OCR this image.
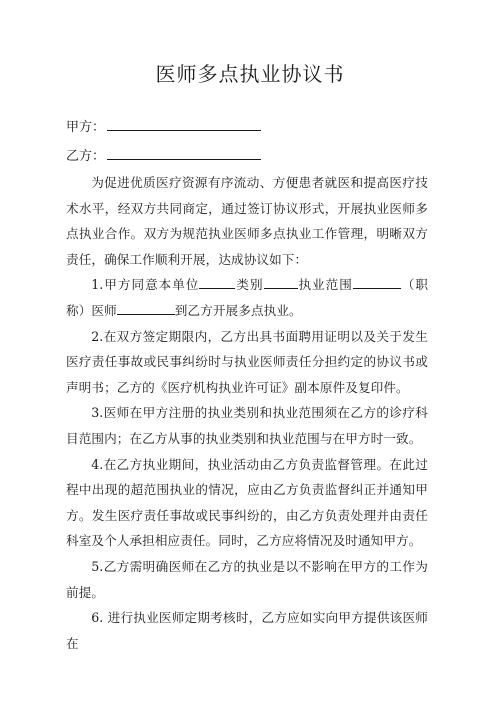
医师多点执业协议书
甲方：
乙方：

为促进优质医疗资源有序流动、方便患者就医和提高医疗技术水平，经双方共同商定，通过签订协议形式，开展执业医师多点执业合作。双方为规范执业医师多点执业工作管理，明晰双方责任，确保工作顺利开展，达成协议如下：

1.甲方同意本单位	类别	执业范围	（职称）医师	到乙方开展多点执业。

2.在双方签定期限内，乙方出具书面聘用证明以及关于发生医疗责任事故或民事纠纷时与执业医师责任分担约定的协议书或声明书；乙方的《医疗机构执业许可证》副本原件及复印件。

3.医师在甲方注册的执业类别和执业范围须在乙方的诊疗科目范围内；在乙方从事的执业类别和执业范围与在甲方时一致。

4.在乙方执业期间，执业活动由乙方负责监督管理。在此过程中出现的超范围执业的情况，应由乙方负责监督纠正并通知甲方。发生医疗责任事故或民事纠纷的，由乙方负责处理并由责任科室及个人承担相应责任。同时，乙方应将情况及时通知甲方。

5.乙方需明确医师在乙方的执业是以不影响在甲方的工作为前提。

6. 进行执业医师定期考核时，乙方应如实向甲方提供该医师在
